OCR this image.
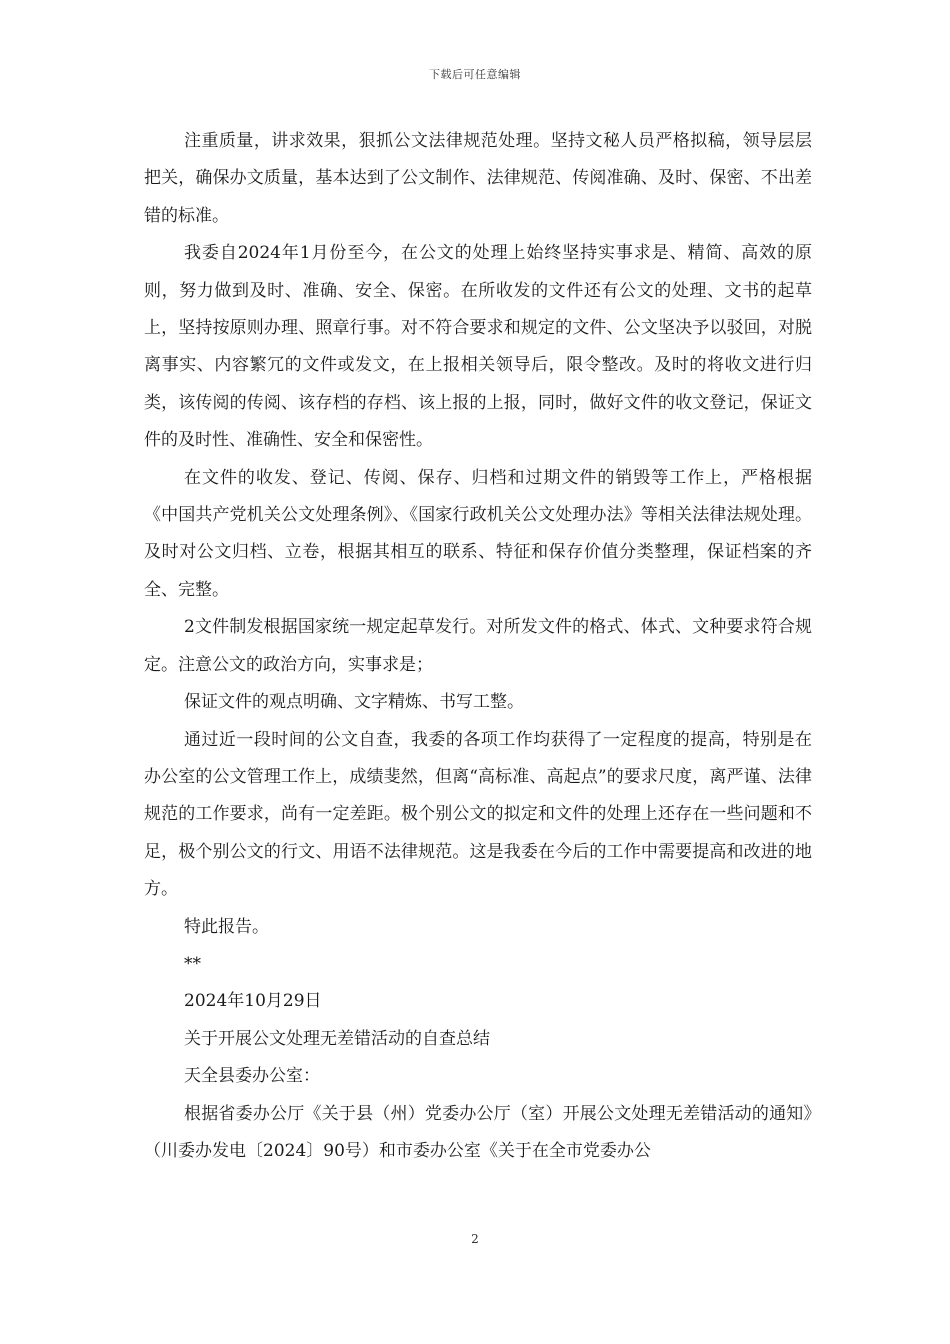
下载后可任意编辑

注重质量，讲求效果，狠抓公文法律规范处理。坚持文秘人员严格拟稿，领导层层把关，确保办文质量，基本达到了公文制作、法律规范、传阅准确、及时、保密、不出差错的标准。

我委自2024年1月份至今，在公文的处理上始终坚持实事求是、精简、高效的原则，努力做到及时、准确、安全、保密。在所收发的文件还有公文的处理、文书的起草上，坚持按原则办理、照章行事。对不符合要求和规定的文件、公文坚决予以驳回，对脱离事实、内容繁冗的文件或发文，在上报相关领导后，限令整改。及时的将收文进行归类，该传阅的传阅、该存档的存档、该上报的上报，同时，做好文件的收文登记，保证文件的及时性、准确性、安全和保密性。

在文件的收发、登记、传阅、保存、归档和过期文件的销毁等工作上，严格根据《中国共产党机关公文处理条例》、《国家行政机关公文处理办法》等相关法律法规处理。及时对公文归档、立卷，根据其相互的联系、特征和保存价值分类整理，保证档案的齐全、完整。

2文件制发根据国家统一规定起草发行。对所发文件的格式、体式、文种要求符合规定。注意公文的政治方向，实事求是；

保证文件的观点明确、文字精炼、书写工整。

通过近一段时间的公文自查，我委的各项工作均获得了一定程度的提高，特别是在办公室的公文管理工作上，成绩斐然，但离“高标准、高起点”的要求尺度，离严谨、法律规范的工作要求，尚有一定差距。极个别公文的拟定和文件的处理上还存在一些问题和不足，极个别公文的行文、用语不法律规范。这是我委在今后的工作中需要提高和改进的地方。

特此报告。

**

2024年10月29日

关于开展公文处理无差错活动的自查总结

天全县委办公室：

根据省委办公厅《关于县（州）党委办公厅（室）开展公文处理无差错活动的通知》（川委办发电〔2024〕90号）和市委办公室《关于在全市党委办公

2
